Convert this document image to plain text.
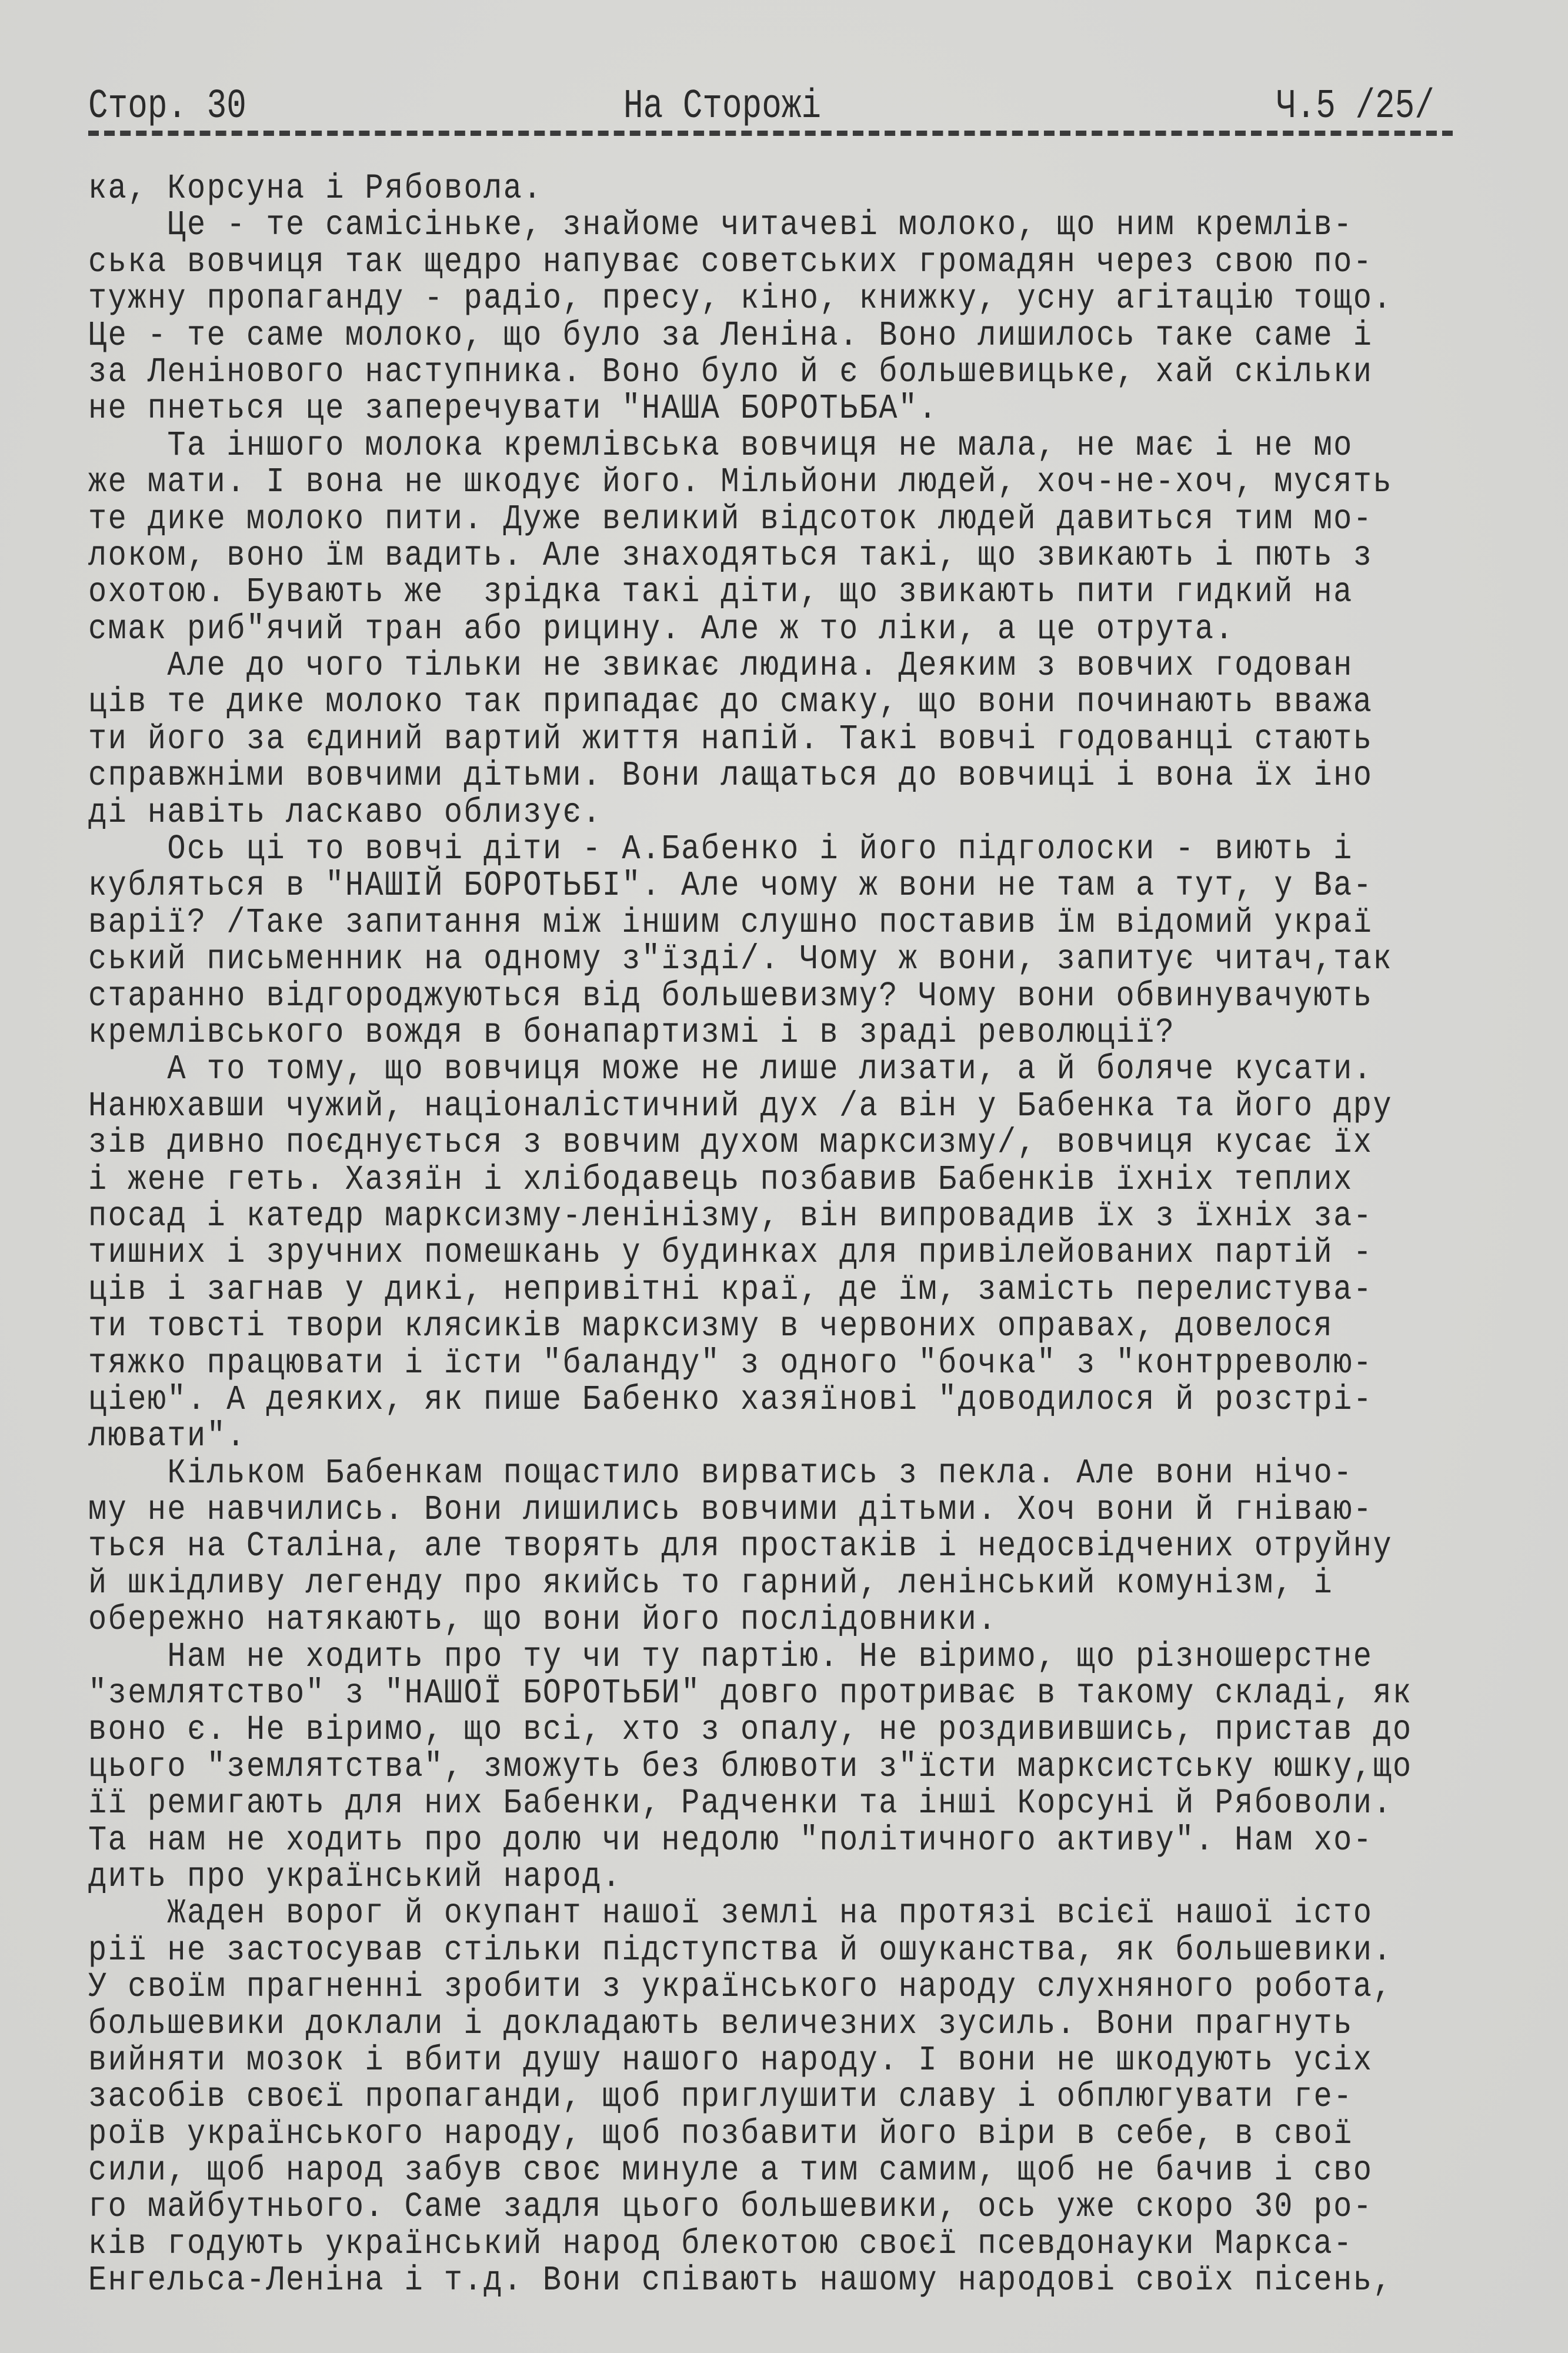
Стор. 30	На Сторожі	Ч.5 /25/
ка, Корсуна і Рябовола.
Це - те самісіньке, знайоме читачеві молоко, що ним кремлів-
ська вовчиця так щедро напуває советських громадян через свою по-
тужну пропаганду - радіо, пресу, кіно, книжку, усну агітацію тощо.
Це - те саме молоко, що було за Леніна. Воно лишилось таке саме і
за Ленінового наступника. Воно було й є большевицьке, хай скільки
не пнеться це заперечувати "НАША БОРОТЬБА".
Та іншого молока кремлівська вовчиця не мала, не має і не мо
же мати. І вона не шкодує його. Мільйони людей, хоч-не-хоч, мусять
те дике молоко пити. Дуже великий відсоток людей давиться тим мо-
локом, воно їм вадить. Але знаходяться такі, що звикають і пють з
охотою. Бувають же  зрідка такі діти, що звикають пити гидкий на
смак риб"ячий тран або рицину. Але ж то ліки, а це отрута.
Але до чого тільки не звикає людина. Деяким з вовчих годован
ців те дике молоко так припадає до смаку, що вони починають вважа
ти його за єдиний вартий життя напій. Такі вовчі годованці стають
справжніми вовчими дітьми. Вони лащаться до вовчиці і вона їх іно
ді навіть ласкаво облизує.
Ось ці то вовчі діти - А.Бабенко і його підголоски - виють і
кубляться в "НАШІЙ БОРОТЬБІ". Але чому ж вони не там а тут, у Ва-
варії? /Таке запитання між іншим слушно поставив їм відомий украї
ський письменник на одному з"їзді/. Чому ж вони, запитує читач,так
старанно відгороджуються від большевизму? Чому вони обвинувачують
кремлівського вождя в бонапартизмі і в зраді революції?
А то тому, що вовчиця може не лише лизати, а й боляче кусати.
Нанюхавши чужий, націоналістичний дух /а він у Бабенка та його дру
зів дивно поєднується з вовчим духом марксизму/, вовчиця кусає їх
і жене геть. Хазяїн і хлібодавець позбавив Бабенків їхніх теплих
посад і катедр марксизму-ленінізму, він випровадив їх з їхніх за-
тишних і зручних помешкань у будинках для привілейованих партій -
ців і загнав у дикі, непривітні краї, де їм, замість перелистува-
ти товсті твори клясиків марксизму в червоних оправах, довелося
тяжко працювати і їсти "баланду" з одного "бочка" з "контрреволю-
ціею". А деяких, як пише Бабенко хазяїнові "доводилося й розстрі-
лювати".
Кільком Бабенкам пощастило вирватись з пекла. Але вони нічо-
му не навчились. Вони лишились вовчими дітьми. Хоч вони й гніваю-
ться на Сталіна, але творять для простаків і недосвідчених отруйну
й шкідливу легенду про якийсь то гарний, ленінський комунізм, і
обережно натякають, що вони його послідовники.
Нам не ходить про ту чи ту партію. Не віримо, що різношерстне
"землятство" з "НАШОЇ БОРОТЬБИ" довго протриває в такому складі, як
воно є. Не віримо, що всі, хто з опалу, не роздивившись, пристав до
цього "землятства", зможуть без блювоти з"їсти марксистську юшку,що
її ремигають для них Бабенки, Радченки та інші Корсуні й Рябоволи.
Та нам не ходить про долю чи недолю "політичного активу". Нам хо-
дить про український народ.
Жаден ворог й окупант нашої землі на протязі всієї нашої істо
рії не застосував стільки підступства й ошуканства, як большевики.
У своїм прагненні зробити з українського народу слухняного робота,
большевики доклали і докладають величезних зусиль. Вони прагнуть
вийняти мозок і вбити душу нашого народу. І вони не шкодують усіх
засобів своєї пропаганди, щоб приглушити славу і обплюгувати ге-
роїв українського народу, щоб позбавити його віри в себе, в свої
сили, щоб народ забув своє минуле а тим самим, щоб не бачив і сво
го майбутнього. Саме задля цього большевики, ось уже скоро 30 ро-
ків годують український народ блекотою своєї псевдонауки Маркса-
Енгельса-Леніна і т.д. Вони співають нашому народові своїх пісень,
